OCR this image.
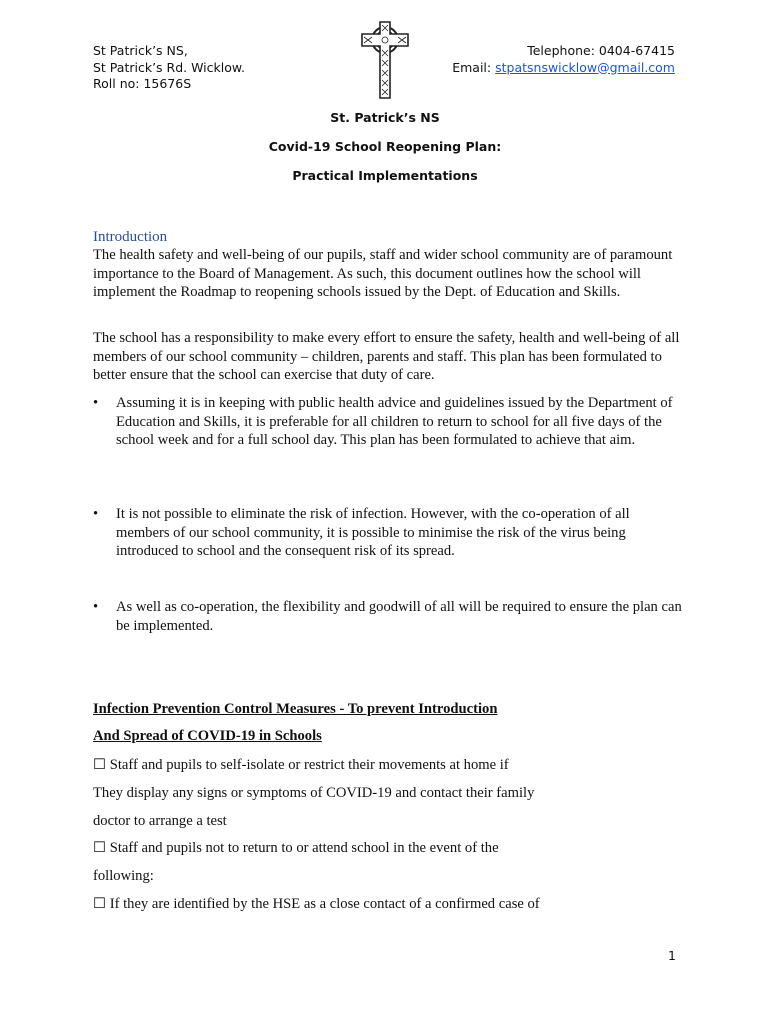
St Patrick’s NS,
St Patrick’s Rd. Wicklow.
Roll no: 15676S
Telephone: 0404-67415
Email: stpatsnswicklow@gmail.com
St. Patrick’s NS
Covid-19 School Reopening Plan:
Practical Implementations
Introduction

The health safety and well-being of our pupils, staff and wider school community are of paramount importance to the Board of Management. As such, this document outlines how the school will implement the Roadmap to reopening schools issued by the Dept. of Education and Skills.

The school has a responsibility to make every effort to ensure the safety, health and well-being of all members of our school community – children, parents and staff. This plan has been formulated to better ensure that the school can exercise that duty of care.

•	Assuming it is in keeping with public health advice and guidelines issued by the Department of Education and Skills, it is preferable for all children to return to school for all five days of the school week and for a full school day. This plan has been formulated to achieve that aim.
•	It is not possible to eliminate the risk of infection. However, with the co-operation of all members of our school community, it is possible to minimise the risk of the virus being introduced to school and the consequent risk of its spread.
•	As well as co-operation, the flexibility and goodwill of all will be required to ensure the plan can be implemented.
Infection Prevention Control Measures - To prevent Introduction
And Spread of COVID-19 in Schools
☐ Staff and pupils to self-isolate or restrict their movements at home if
They display any signs or symptoms of COVID-19 and contact their family
doctor to arrange a test
☐ Staff and pupils not to return to or attend school in the event of the
following:
☐ If they are identified by the HSE as a close contact of a confirmed case of
1
